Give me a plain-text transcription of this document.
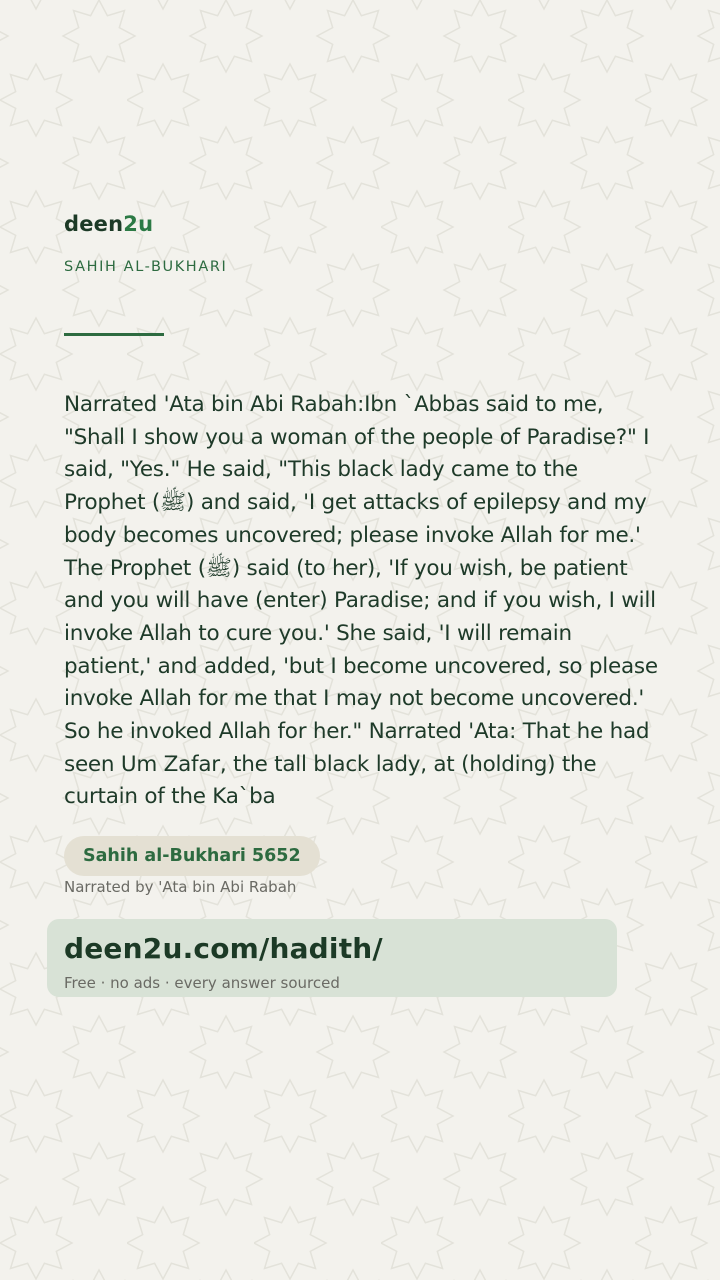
deen2u
SAHIH AL-BUKHARI

Narrated 'Ata bin Abi Rabah:Ibn `Abbas said to me, "Shall I show you a woman of the people of Paradise?" I said, "Yes." He said, "This black lady came to the Prophet (ﷺ) and said, 'I get attacks of epilepsy and my body becomes uncovered; please invoke Allah for me.' The Prophet (ﷺ) said (to her), 'If you wish, be patient and you will have (enter) Paradise; and if you wish, I will invoke Allah to cure you.' She said, 'I will remain patient,' and added, 'but I become uncovered, so please invoke Allah for me that I may not become uncovered.' So he invoked Allah for her." Narrated 'Ata: That he had seen Um Zafar, the tall black lady, at (holding) the curtain of the Ka`ba

Sahih al-Bukhari 5652
Narrated by 'Ata bin Abi Rabah
deen2u.com/hadith/
Free · no ads · every answer sourced
